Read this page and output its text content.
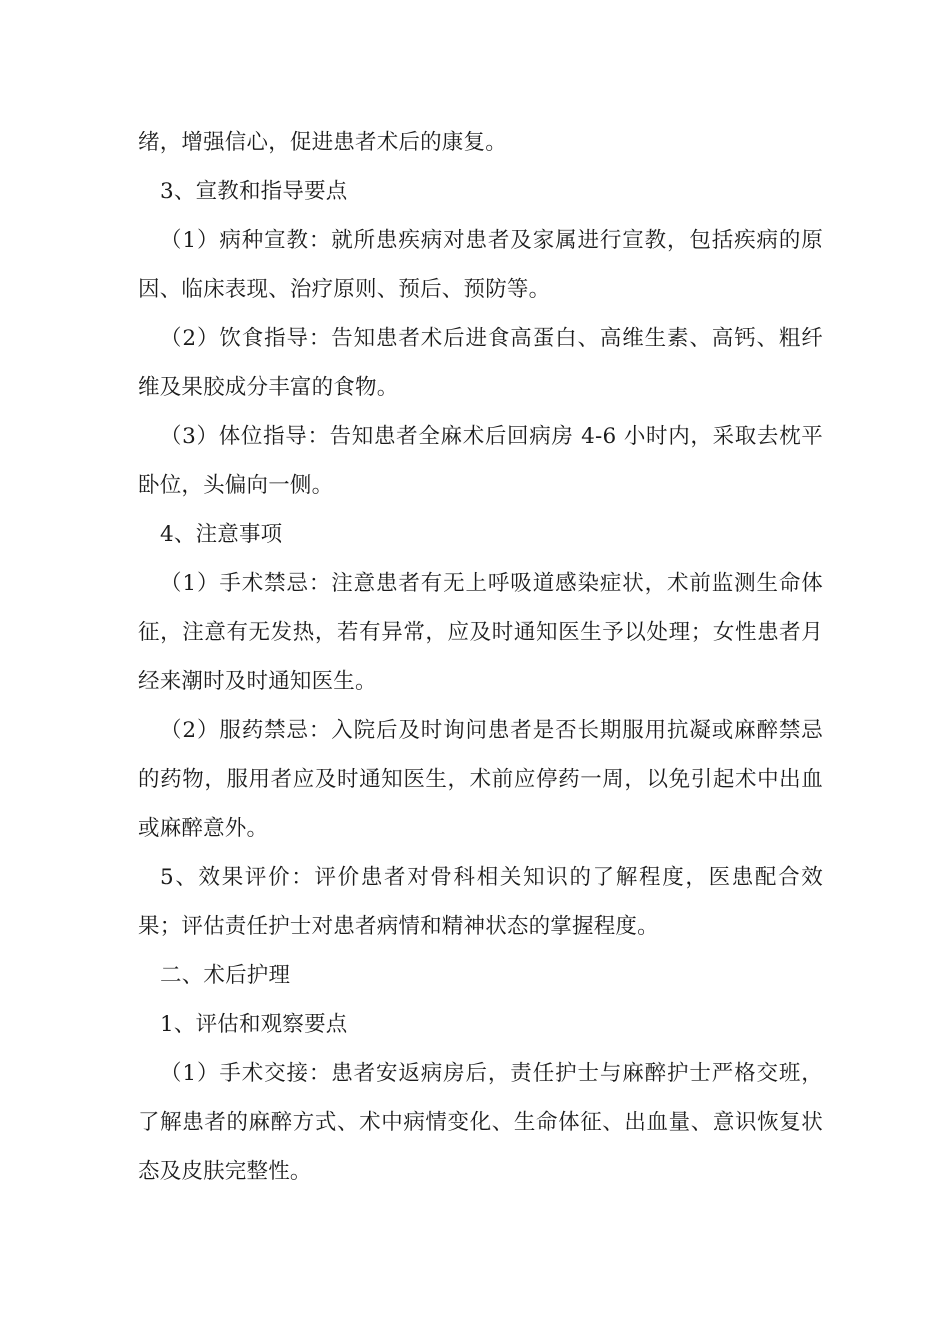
绪，增强信心，促进患者术后的康复。

3、宣教和指导要点

（1）病种宣教：就所患疾病对患者及家属进行宣教，包括疾病的原因、临床表现、治疗原则、预后、预防等。

（2）饮食指导：告知患者术后进食高蛋白、高维生素、高钙、粗纤维及果胶成分丰富的食物。

（3）体位指导：告知患者全麻术后回病房 4-6 小时内，采取去枕平卧位，头偏向一侧。

4、注意事项

（1）手术禁忌：注意患者有无上呼吸道感染症状，术前监测生命体征，注意有无发热，若有异常，应及时通知医生予以处理；女性患者月经来潮时及时通知医生。

（2）服药禁忌：入院后及时询问患者是否长期服用抗凝或麻醉禁忌的药物，服用者应及时通知医生，术前应停药一周，以免引起术中出血或麻醉意外。

5、效果评价：评价患者对骨科相关知识的了解程度，医患配合效果；评估责任护士对患者病情和精神状态的掌握程度。

二、术后护理

1、评估和观察要点

（1）手术交接：患者安返病房后，责任护士与麻醉护士严格交班，了解患者的麻醉方式、术中病情变化、生命体征、出血量、意识恢复状态及皮肤完整性。
